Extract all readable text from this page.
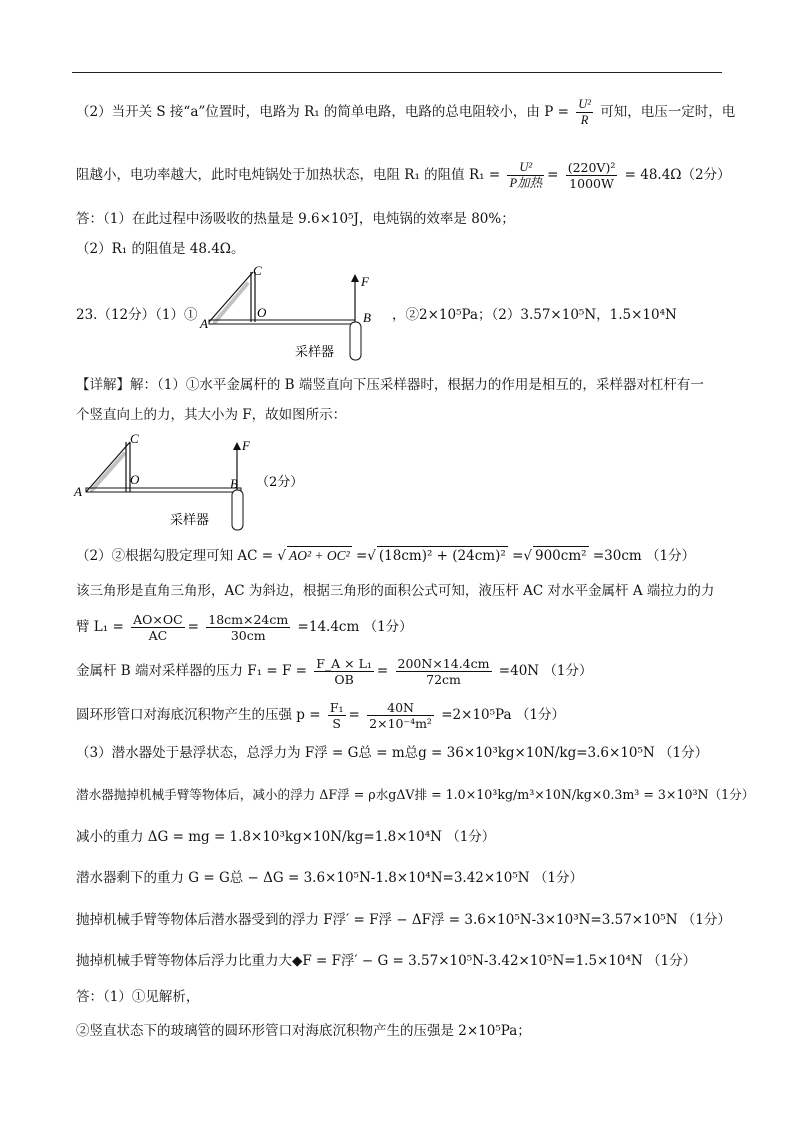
（2）当开关 S 接“a”位置时，电路为 R₁ 的简单电路，电路的总电阻较小，由 $P = \frac{\text{U²}}{R}$ 可知，电压一定时，电
阻越小，电功率越大，此时电炖锅处于加热状态，电阻 R₁ 的阻值 $R_1 = \frac{\text{U²}}{\text{P加热}} = \frac{\text{(220V)²}}{1000W} = 48.4\Omega(2$分）
答：（1）在此过程中汤吸收的热量是 9.6×10⁵J，电炖锅的效率是 80%；
（2）R₁ 的阻值是 48.4Ω。
23.（12分）（1）①
C
A
O
F
B
采样器
，②2×10⁵Pa；（2）3.57×10⁵N，1.5×10⁴N
【详解】解：（1）①水平金属杆的 B 端竖直向下压采样器时，根据力的作用是相互的，采样器对杠杆有一
个竖直向上的力，其大小为 F，故如图所示：
C
A
O
F
B （2分）
采样器
（2）②根据勾股定理可知 AC = √ AO² + OC² =√ (18cm)² + (24cm)² =√ 900cm² =30cm （1分）
该三角形是直角三角形，AC 为斜边，根据三角形的面积公式可知，液压杆 AC 对水平金属杆 A 端拉力的力
臂 $L_1 = \frac{AO\times OC}{AC} = \frac{18cm\times 24cm}{30cm} =14.4cm$ （1分）
金属杆 B 端对采样器的压力 $F_1 = F = \frac{\text{F\_A × L₁}}{OB} = \frac{200N\times 14.4cm}{72cm} =40N$ （1分）
圆环形管口对海底沉积物产生的压强 $p = \frac{\text{F₁}}{S} = \frac{40N}{\text{2×10⁻⁴m²}} =2\times 10^5Pa$ （1分）
（3）潜水器处于悬浮状态，总浮力为 F浮 = G总 = m总g = 36×10³kg×10N/kg=3.6×10⁵N （1分）
潜水器抛掉机械手臂等物体后，减小的浮力 ΔF浮 = ρ水gΔV排 = 1.0×10³kg/m³×10N/kg×0.3m³ = 3×10³N（1分）
减小的重力 ΔG = mg = 1.8×10³kg×10N/kg=1.8×10⁴N （1分）
潜水器剩下的重力 G = G总 − ΔG = 3.6×10⁵N-1.8×10⁴N=3.42×10⁵N （1分）
抛掉机械手臂等物体后潜水器受到的浮力 F浮′ = F浮 − ΔF浮 = 3.6×10⁵N-3×10³N=3.57×10⁵N （1分）
抛掉机械手臂等物体后浮力比重力大◆F = F浮′ − G = 3.57×10⁵N-3.42×10⁵N=1.5×10⁴N （1分）
答：（1）①见解析，
②竖直状态下的玻璃管的圆环形管口对海底沉积物产生的压强是 2×10⁵Pa；
